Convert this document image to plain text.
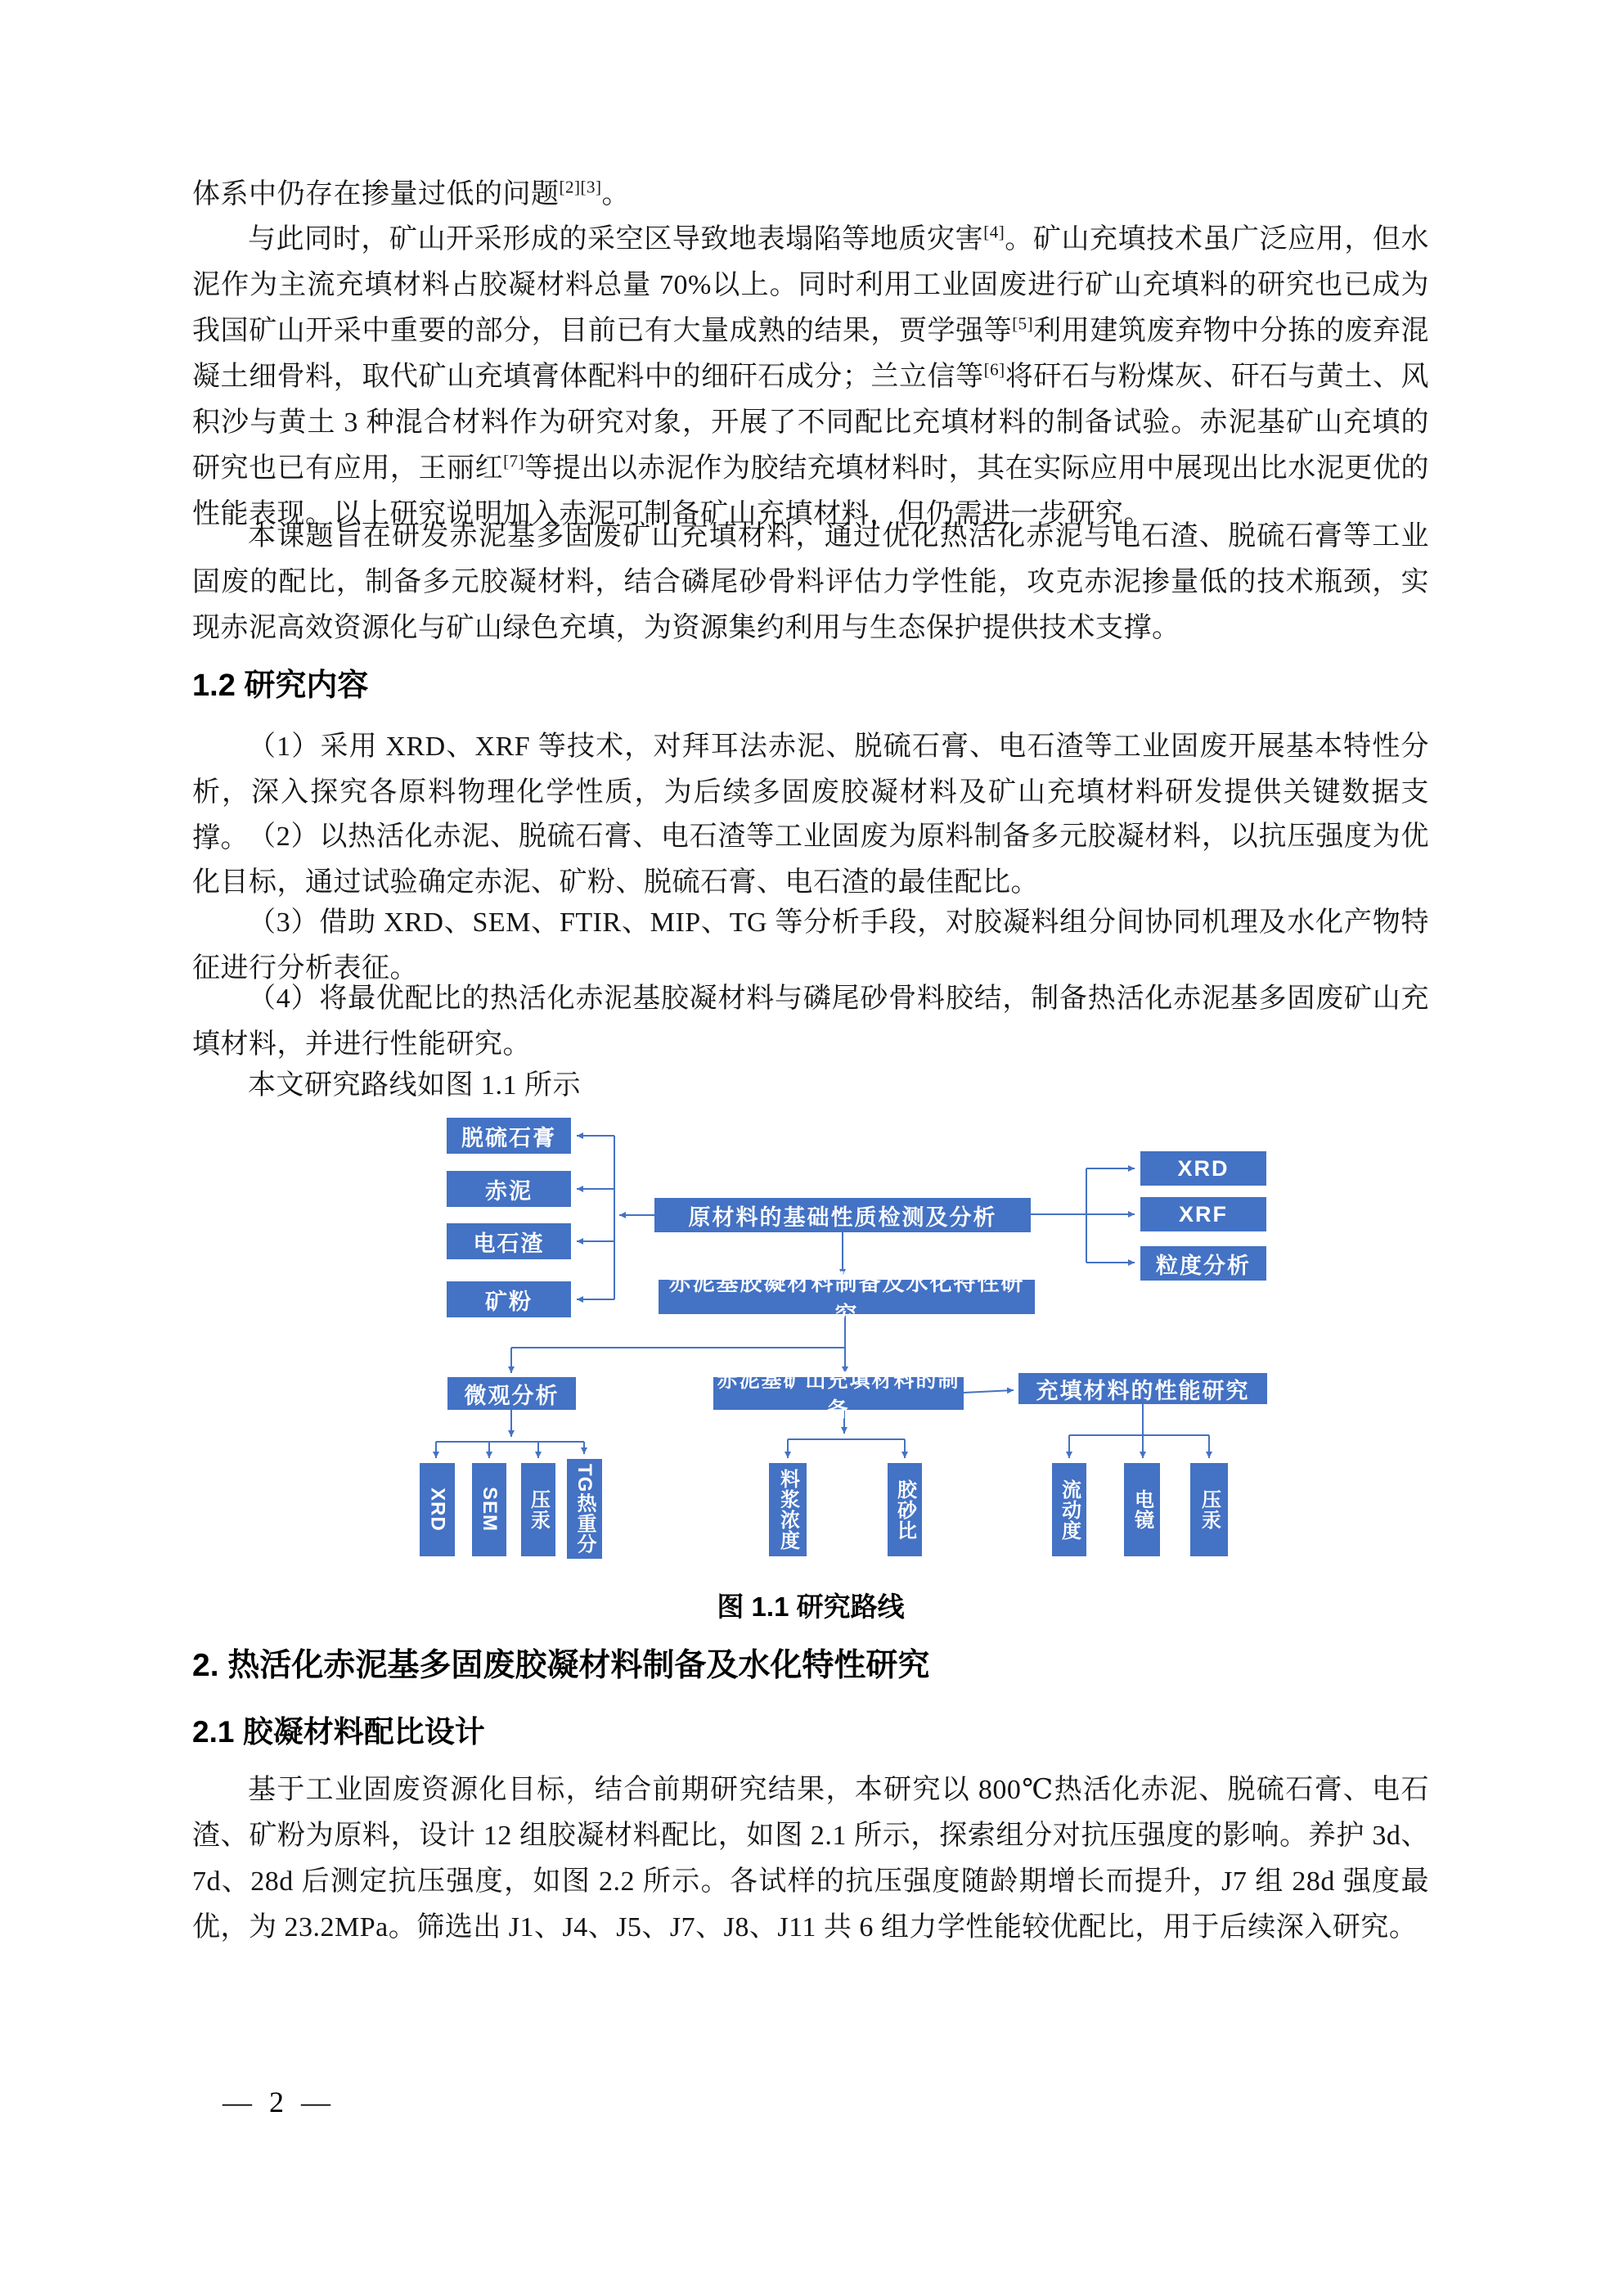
体系中仍存在掺量过低的问题[2][3]。

与此同时，矿山开采形成的采空区导致地表塌陷等地质灾害[4]。矿山充填技术虽广泛应用，但水泥作为主流充填材料占胶凝材料总量 70%以上。同时利用工业固废进行矿山充填料的研究也已成为我国矿山开采中重要的部分，目前已有大量成熟的结果，贾学强等[5]利用建筑废弃物中分拣的废弃混凝土细骨料，取代矿山充填膏体配料中的细矸石成分；兰立信等[6]将矸石与粉煤灰、矸石与黄土、风积沙与黄土 3 种混合材料作为研究对象，开展了不同配比充填材料的制备试验。赤泥基矿山充填的研究也已有应用，王丽红[7]等提出以赤泥作为胶结充填材料时，其在实际应用中展现出比水泥更优的性能表现。以上研究说明加入赤泥可制备矿山充填材料，但仍需进一步研究。

本课题旨在研发赤泥基多固废矿山充填材料，通过优化热活化赤泥与电石渣、脱硫石膏等工业固废的配比，制备多元胶凝材料，结合磷尾砂骨料评估力学性能，攻克赤泥掺量低的技术瓶颈，实现赤泥高效资源化与矿山绿色充填，为资源集约利用与生态保护提供技术支撑。

1.2 研究内容

（1）采用 XRD、XRF 等技术，对拜耳法赤泥、脱硫石膏、电石渣等工业固废开展基本特性分析，深入探究各原料物理化学性质，为后续多固废胶凝材料及矿山充填材料研发提供关键数据支撑。 （2）以热活化赤泥、脱硫石膏、电石渣等工业固废为原料制备多元胶凝材料，以抗压强度为优化目标，通过试验确定赤泥、矿粉、脱硫石膏、电石渣的最佳配比。

（3）借助 XRD、SEM、FTIR、MIP、TG 等分析手段，对胶凝料组分间协同机理及水化产物特征进行分析表征。

（4）将最优配比的热活化赤泥基胶凝材料与磷尾砂骨料胶结，制备热活化赤泥基多固废矿山充填材料，并进行性能研究。

本文研究路线如图 1.1 所示

脱硫石膏
赤泥
电石渣
矿粉
原材料的基础性质检测及分析
XRD
XRF
粒度分析
赤泥基胶凝材料制备及水化特性研究
微观分析
赤泥基矿山充填材料的制备
充填材料的性能研究
XRD	SEM	压汞	TG热重分	料浆浓度	胶砂比	流动度	电镜	压汞
图 1.1 研究路线
2. 热活化赤泥基多固废胶凝材料制备及水化特性研究
2.1 胶凝材料配比设计

基于工业固废资源化目标，结合前期研究结果，本研究以 800℃热活化赤泥、脱硫石膏、电石渣、矿粉为原料，设计 12 组胶凝材料配比，如图 2.1 所示，探索组分对抗压强度的影响。养护 3d、7d、28d 后测定抗压强度，如图 2.2 所示。各试样的抗压强度随龄期增长而提升，J7 组 28d 强度最优，为 23.2MPa。筛选出 J1、J4、J5、J7、J8、J11 共 6 组力学性能较优配比，用于后续深入研究。

— 2 —
